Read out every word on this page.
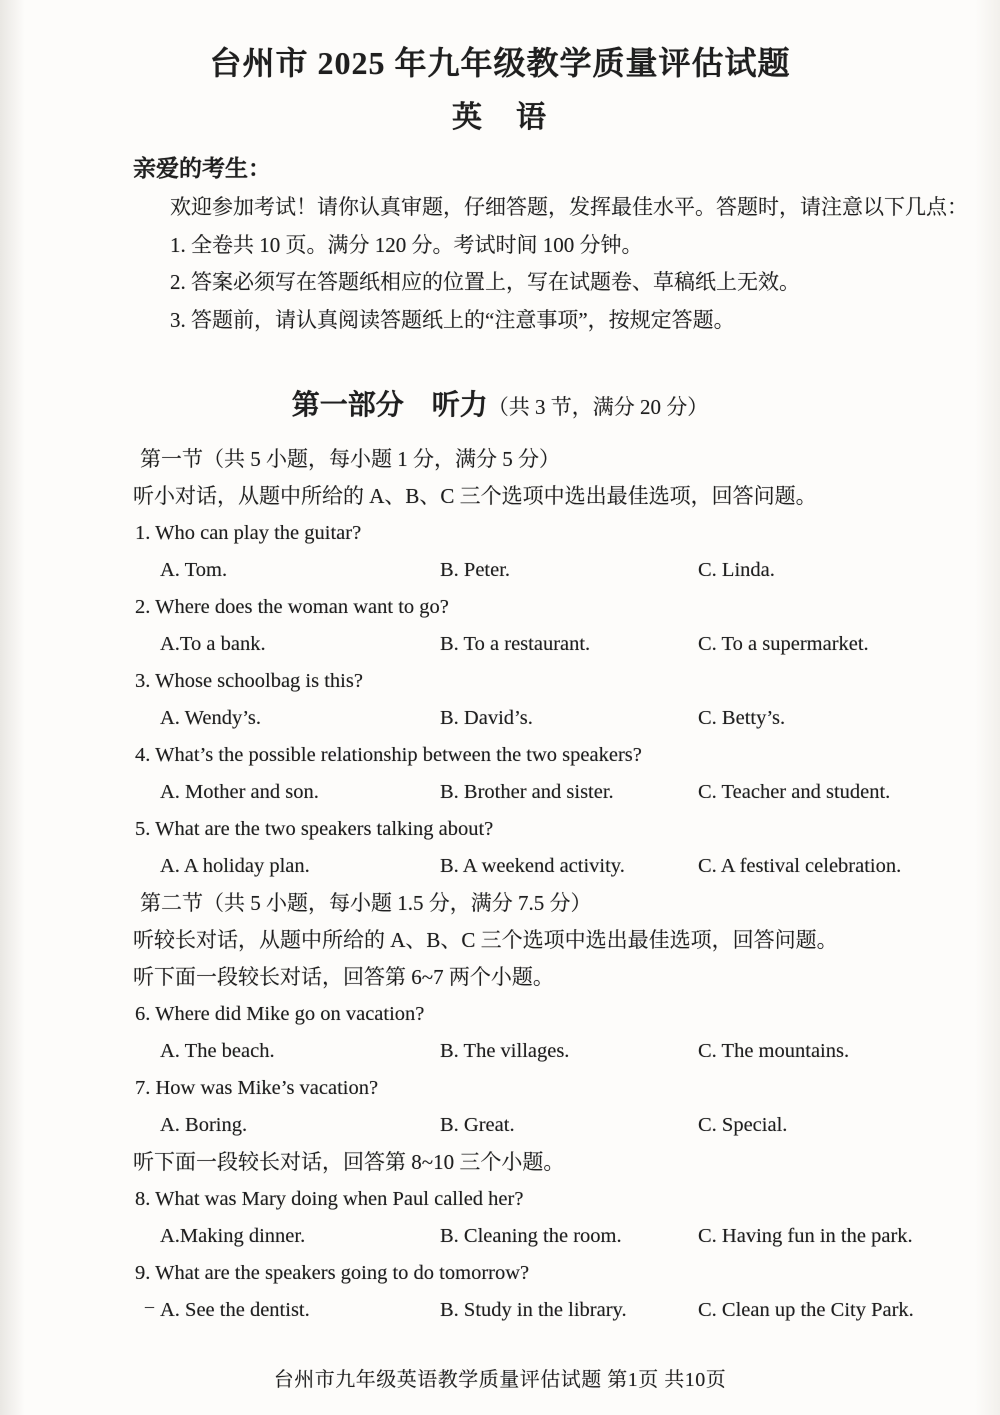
台州市 2025 年九年级教学质量评估试题
英　语
亲爱的考生：

欢迎参加考试！请你认真审题，仔细答题，发挥最佳水平。答题时，请注意以下几点：

1. 全卷共 10 页。满分 120 分。考试时间 100 分钟。

2. 答案必须写在答题纸相应的位置上，写在试题卷、草稿纸上无效。

3. 答题前，请认真阅读答题纸上的“注意事项”，按规定答题。

第一部分　听力（共 3 节，满分 20 分）

第一节（共 5 小题，每小题 1 分，满分 5 分）

听小对话，从题中所给的 A、B、C 三个选项中选出最佳选项，回答问题。

1. Who can play the guitar?

A. Tom.	B. Peter.	C. Linda.

2. Where does the woman want to go?

A.To a bank.	B. To a restaurant.	C. To a supermarket.

3. Whose schoolbag is this?

A. Wendy’s.	B. David’s.	C. Betty’s.

4. What’s the possible relationship between the two speakers?

A. Mother and son.	B. Brother and sister.	C. Teacher and student.

5. What are the two speakers talking about?

A. A holiday plan.	B. A weekend activity.	C. A festival celebration.

第二节（共 5 小题，每小题 1.5 分，满分 7.5 分）

听较长对话，从题中所给的 A、B、C 三个选项中选出最佳选项，回答问题。

听下面一段较长对话，回答第 6~7 两个小题。

6. Where did Mike go on vacation?

A. The beach.	B. The villages.	C. The mountains.

7. How was Mike’s vacation?

A. Boring.	B. Great.	C. Special.

听下面一段较长对话，回答第 8~10 三个小题。

8. What was Mary doing when Paul called her?

A.Making dinner.	B. Cleaning the room.	C. Having fun in the park.

9. What are the speakers going to do tomorrow?

– A. See the dentist.	B. Study in the library.	C. Clean up the City Park.
台州市九年级英语教学质量评估试题 第1页 共10页
